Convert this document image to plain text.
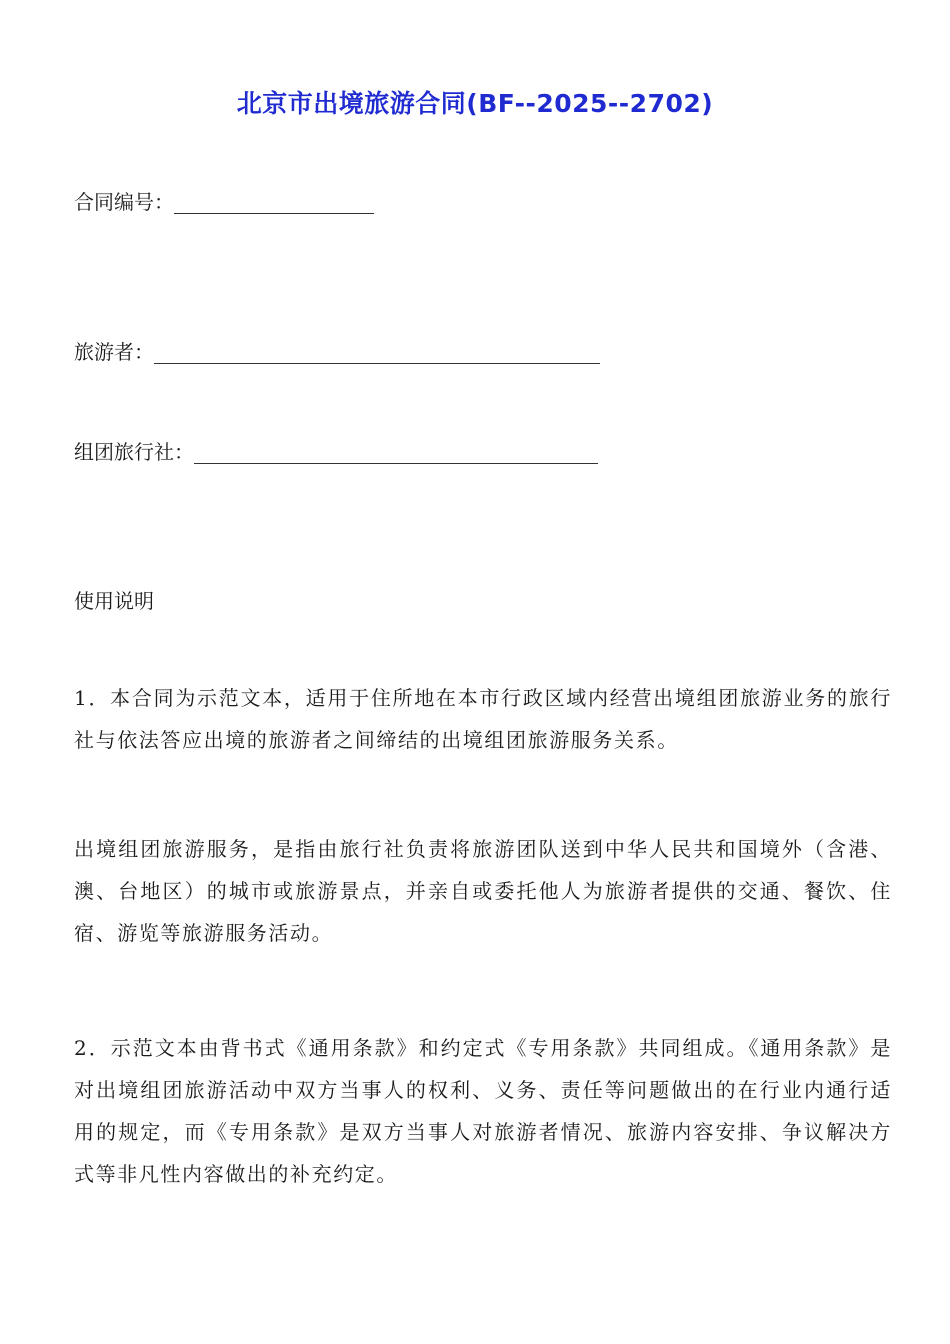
北京市出境旅游合同(BF--2025--2702)
合同编号：
旅游者：
组团旅行社：
使用说明

1．本合同为示范文本，适用于住所地在本市行政区域内经营出境组团旅游业务的旅行社与依法答应出境的旅游者之间缔结的出境组团旅游服务关系。

出境组团旅游服务，是指由旅行社负责将旅游团队送到中华人民共和国境外（含港、澳、台地区）的城市或旅游景点，并亲自或委托他人为旅游者提供的交通、餐饮、住宿、游览等旅游服务活动。

2．示范文本由背书式《通用条款》和约定式《专用条款》共同组成。《通用条款》是对出境组团旅游活动中双方当事人的权利、义务、责任等问题做出的在行业内通行适用的规定，而《专用条款》是双方当事人对旅游者情况、旅游内容安排、争议解决方式等非凡性内容做出的补充约定。
